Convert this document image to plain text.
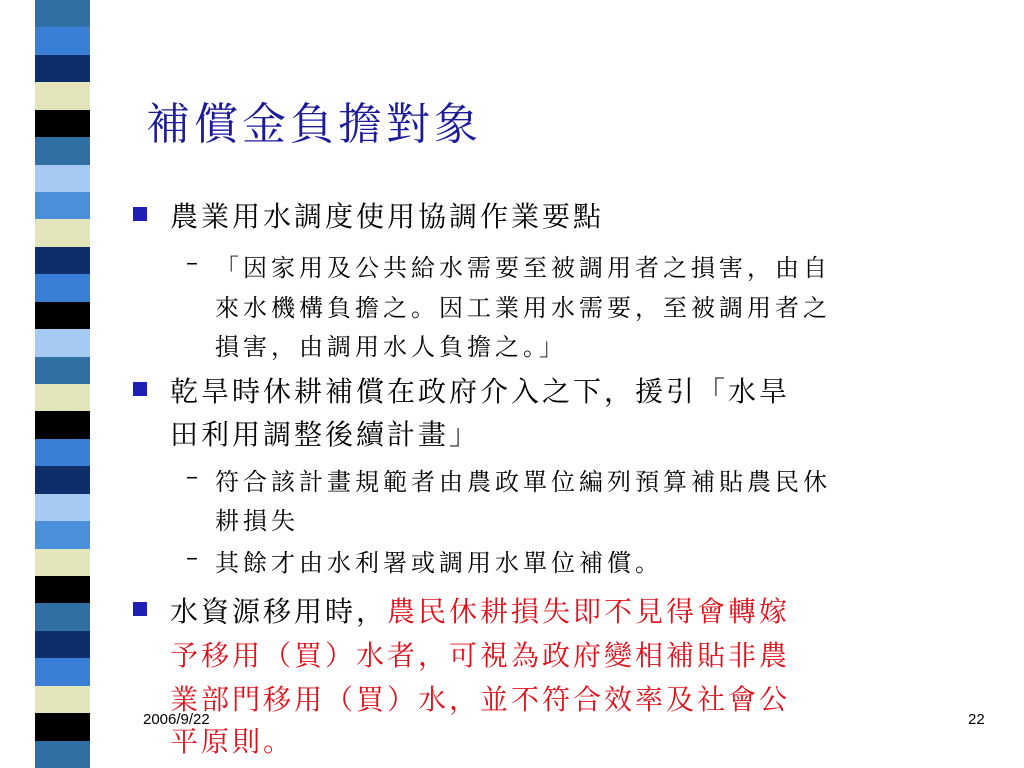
補償金負擔對象
農業用水調度使用協調作業要點
– 「因家用及公共給水需要至被調用者之損害，由自
來水機構負擔之。因工業用水需要，至被調用者之
損害，由調用水人負擔之。」
乾旱時休耕補償在政府介入之下，援引「水旱
田利用調整後續計畫」
– 符合該計畫規範者由農政單位編列預算補貼農民休
耕損失
– 其餘才由水利署或調用水單位補償。
水資源移用時，農民休耕損失即不見得會轉嫁
予移用（買）水者，可視為政府變相補貼非農
業部門移用（買）水，並不符合效率及社會公
平原則。
2006/9/22	22
